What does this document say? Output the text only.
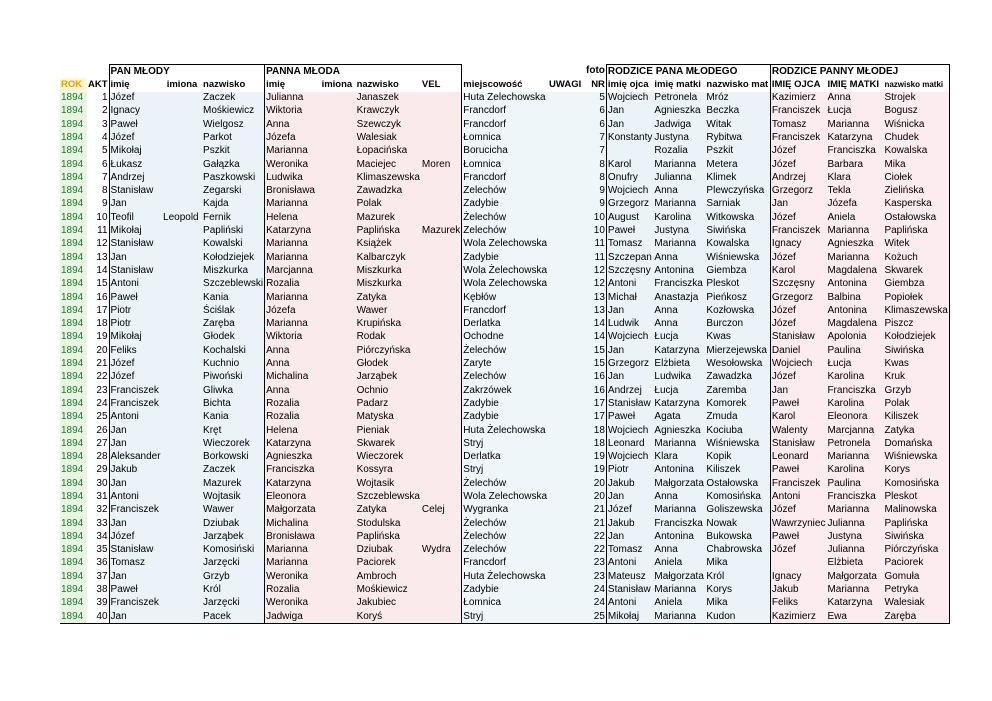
		PAN MŁODY			PANNA MŁODA						foto	RODZICE PANA MŁODEGO			RODZICE PANNY MŁODEJ		
ROK	AKT	imię	imiona	nazwisko	imię	imiona	nazwisko	VEL	miejscowość	UWAGI	NR	imię ojca	imię matki	nazwisko mat	IMIĘ OJCA	IMIĘ MATKI	nazwisko matki
1894	1	Józef		Zaczek	Julianna		Janaszek		Huta Żelechowska		5	Wojciech	Petronela	Mróz	Kazimierz	Anna	Strojek
1894	2	Ignacy		Mośkiewicz	Wiktoria		Krawczyk		Francdorf		6	Jan	Agnieszka	Beczka	Franciszek	Łucja	Bogusz
1894	3	Paweł		Wielgosz	Anna		Szewczyk		Francdorf		6	Jan	Jadwiga	Witak	Tomasz	Marianna	Wiśnicka
1894	4	Józef		Parkot	Józefa		Walesiak		Łomnica		7	Konstanty	Justyna	Rybitwa	Franciszek	Katarzyna	Chudek
1894	5	Mikołaj		Pszkit	Marianna		Łopacińska		Borucicha		7		Rozalia	Pszkit	Józef	Franciszka	Kowalska
1894	6	Łukasz		Gałązka	Weronika		Maciejec	Moren	Łomnica		8	Karol	Marianna	Metera	Józef	Barbara	Mika
1894	7	Andrzej		Paszkowski	Ludwika		Klimaszewska		Francdorf		8	Onufry	Julianna	Klimek	Andrzej	Klara	Ciołek
1894	8	Stanisław		Zegarski	Bronisława		Zawadzka		Żelechów		9	Wojciech	Anna	Plewczyńska	Grzegorz	Tekla	Zielińska
1894	9	Jan		Kajda	Marianna		Polak		Zadybie		9	Grzegorz	Marianna	Sarniak	Jan	Józefa	Kasperska
1894	10	Teofil	Leopold	Fernik	Helena		Mazurek		Żelechów		10	August	Karolina	Witkowska	Józef	Aniela	Ostałowska
1894	11	Mikołaj		Papliński	Katarzyna		Paplińska	Mazurek	Żelechów		10	Paweł	Justyna	Siwińska	Franciszek	Marianna	Paplińska
1894	12	Stanisław		Kowalski	Marianna		Książek		Wola Żelechowska		11	Tomasz	Marianna	Kowalska	Ignacy	Agnieszka	Witek
1894	13	Jan		Kołodziejek	Marianna		Kalbarczyk		Zadybie		11	Szczepan	Anna	Wiśniewska	Józef	Marianna	Kożuch
1894	14	Stanisław		Miszkurka	Marcjanna		Miszkurka		Wola Żelechowska		12	Szczęsny	Antonina	Giembza	Karol	Magdalena	Skwarek
1894	15	Antoni		Szczeblewski	Rozalia		Miszkurka		Wola Żelechowska		12	Antoni	Franciszka	Pleskot	Szczęsny	Antonina	Giembza
1894	16	Paweł		Kania	Marianna		Zatyka		Kębłów		13	Michał	Anastazja	Pieńkosz	Grzegorz	Balbina	Popiołek
1894	17	Piotr		Ściślak	Józefa		Wawer		Francdorf		13	Jan	Anna	Kozłowska	Józef	Antonina	Klimaszewska
1894	18	Piotr		Zaręba	Marianna		Krupińska		Derlatka		14	Ludwik	Anna	Burczon	Józef	Magdalena	Piszcz
1894	19	Mikołaj		Głodek	Wiktoria		Rodak		Ochodne		14	Wojciech	Łucja	Kwas	Stanisław	Apolonia	Kołodziejek
1894	20	Feliks		Kochalski	Anna		Piórczyńska		Żelechów		15	Jan	Katarzyna	Mierzejewska	Daniel	Paulina	Siwińska
1894	21	Józef		Kuchnio	Anna		Głodek		Zaryte		15	Grzegorz	Elżbieta	Wesołowska	Wojciech	Łucja	Kwas
1894	22	Józef		Piwoński	Michalina		Jarząbek		Żelechów		16	Jan	Ludwika	Zawadzka	Józef	Karolina	Kruk
1894	23	Franciszek		Gliwka	Anna		Ochnio		Zakrzówek		16	Andrzej	Łucja	Zaremba	Jan	Franciszka	Grzyb
1894	24	Franciszek		Bichta	Rozalia		Padarz		Zadybie		17	Stanisław	Katarzyna	Komorek	Paweł	Karolina	Polak
1894	25	Antoni		Kania	Rozalia		Matyska		Zadybie		17	Paweł	Agata	Zmuda	Karol	Eleonora	Kiliszek
1894	26	Jan		Kręt	Helena		Pieniak		Huta Żelechowska		18	Wojciech	Agnieszka	Kociuba	Walenty	Marcjanna	Zatyka
1894	27	Jan		Wieczorek	Katarzyna		Skwarek		Stryj		18	Leonard	Marianna	Wiśniewska	Stanisław	Petronela	Domańska
1894	28	Aleksander		Borkowski	Agnieszka		Wieczorek		Derlatka		19	Wojciech	Klara	Kopik	Leonard	Marianna	Wiśniewska
1894	29	Jakub		Zaczek	Franciszka		Kossyra		Stryj		19	Piotr	Antonina	Kiliszek	Paweł	Karolina	Korys
1894	30	Jan		Mazurek	Katarzyna		Wojtasik		Żelechów		20	Jakub	Małgorzata	Ostałowska	Franciszek	Paulina	Komosińska
1894	31	Antoni		Wojtasik	Eleonora		Szczeblewska		Wola Żelechowska		20	Jan	Anna	Komosińska	Antoni	Franciszka	Pleskot
1894	32	Franciszek		Wawer	Małgorzata		Zatyka	Celej	Wygranka		21	Józef	Marianna	Goliszewska	Józef	Marianna	Malinowska
1894	33	Jan		Dziubak	Michalina		Stodulska		Żelechów		21	Jakub	Franciszka	Nowak	Wawrzyniec	Julianna	Paplińska
1894	34	Józef		Jarząbek	Bronisława		Paplińska		Żelechów		22	Jan	Antonina	Bukowska	Paweł	Justyna	Siwińska
1894	35	Stanisław		Komosiński	Marianna		Dziubak	Wydra	Żelechów		22	Tomasz	Anna	Chabrowska	Józef	Julianna	Piórczyńska
1894	36	Tomasz		Jarzęcki	Marianna		Paciorek		Francdorf		23	Antoni	Aniela	Mika		Elżbieta	Paciorek
1894	37	Jan		Grzyb	Weronika		Ambroch		Huta Żelechowska		23	Mateusz	Małgorzata	Król	Ignacy	Małgorzata	Gomuła
1894	38	Paweł		Król	Rozalia		Mośkiewicz		Zadybie		24	Stanisław	Marianna	Korys	Jakub	Marianna	Petryka
1894	39	Franciszek		Jarzęcki	Weronika		Jakubiec		Łomnica		24	Antoni	Aniela	Mika	Feliks	Katarzyna	Walesiak
1894	40	Jan		Pacek	Jadwiga		Koryś		Stryj		25	Mikołaj	Marianna	Kudon	Kazimierz	Ewa	Zaręba
